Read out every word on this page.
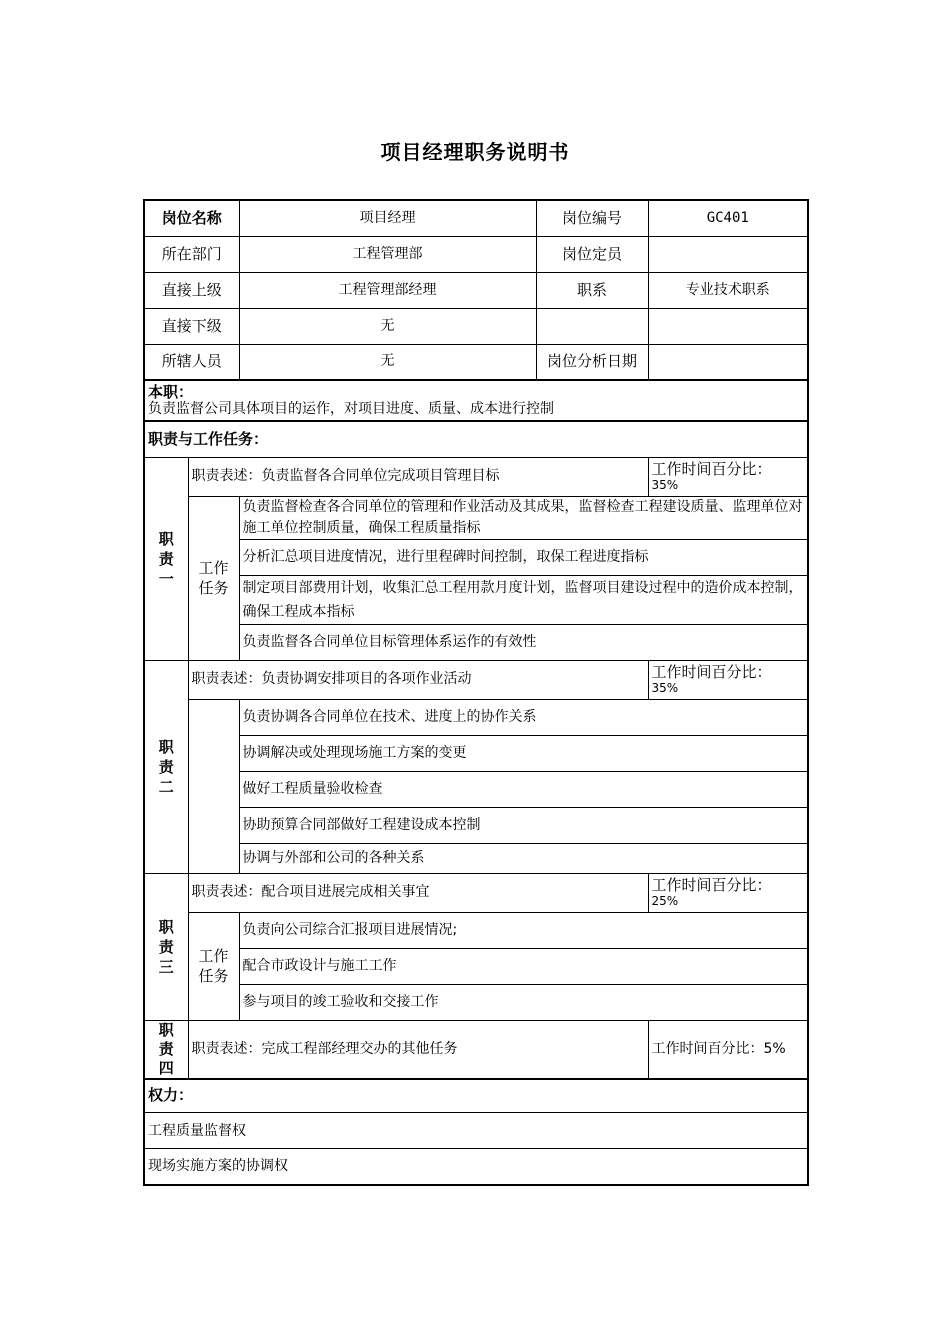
项目经理职务说明书
岗位名称		项目经理	岗位编号	GC401
所在部门		工程管理部	岗位定员	
直接上级		工程管理部经理	职系	专业技术职系
直接下级		无		
所辖人员		无	岗位分析日期	

本职：
负责监督公司具体项目的运作，对项目进度、质量、成本进行控制				

职责与工作任务：				
职责一	职责表述：负责监督各合同单位完成项目管理目标			工作时间百分比：
35%

	工作任务	负责监督检查各合同单位的管理和作业活动及其成果，监督检查工程建设质量、监理单位对施工单位控制质量，确保工程质量指标		
		分析汇总项目进度情况，进行里程碑时间控制，取保工程进度指标		
		制定项目部费用计划，收集汇总工程用款月度计划，监督项目建设过程中的造价成本控制，确保工程成本指标		
		负责监督各合同单位目标管理体系运作的有效性		
职责二	职责表述：负责协调安排项目的各项作业活动			工作时间百分比：
35%

		负责协调各合同单位在技术、进度上的协作关系		
		协调解决或处理现场施工方案的变更		
		做好工程质量验收检查		
		协助预算合同部做好工程建设成本控制		
		协调与外部和公司的各种关系		
职责三	职责表述：配合项目进展完成相关事宜			工作时间百分比：
25%

	工作任务	负责向公司综合汇报项目进展情况;		
		配合市政设计与施工工作		
		参与项目的竣工验收和交接工作		
职责四	职责表述：完成工程部经理交办的其他任务			工作时间百分比：5%
权力：				
工程质量监督权				
现场实施方案的协调权				
